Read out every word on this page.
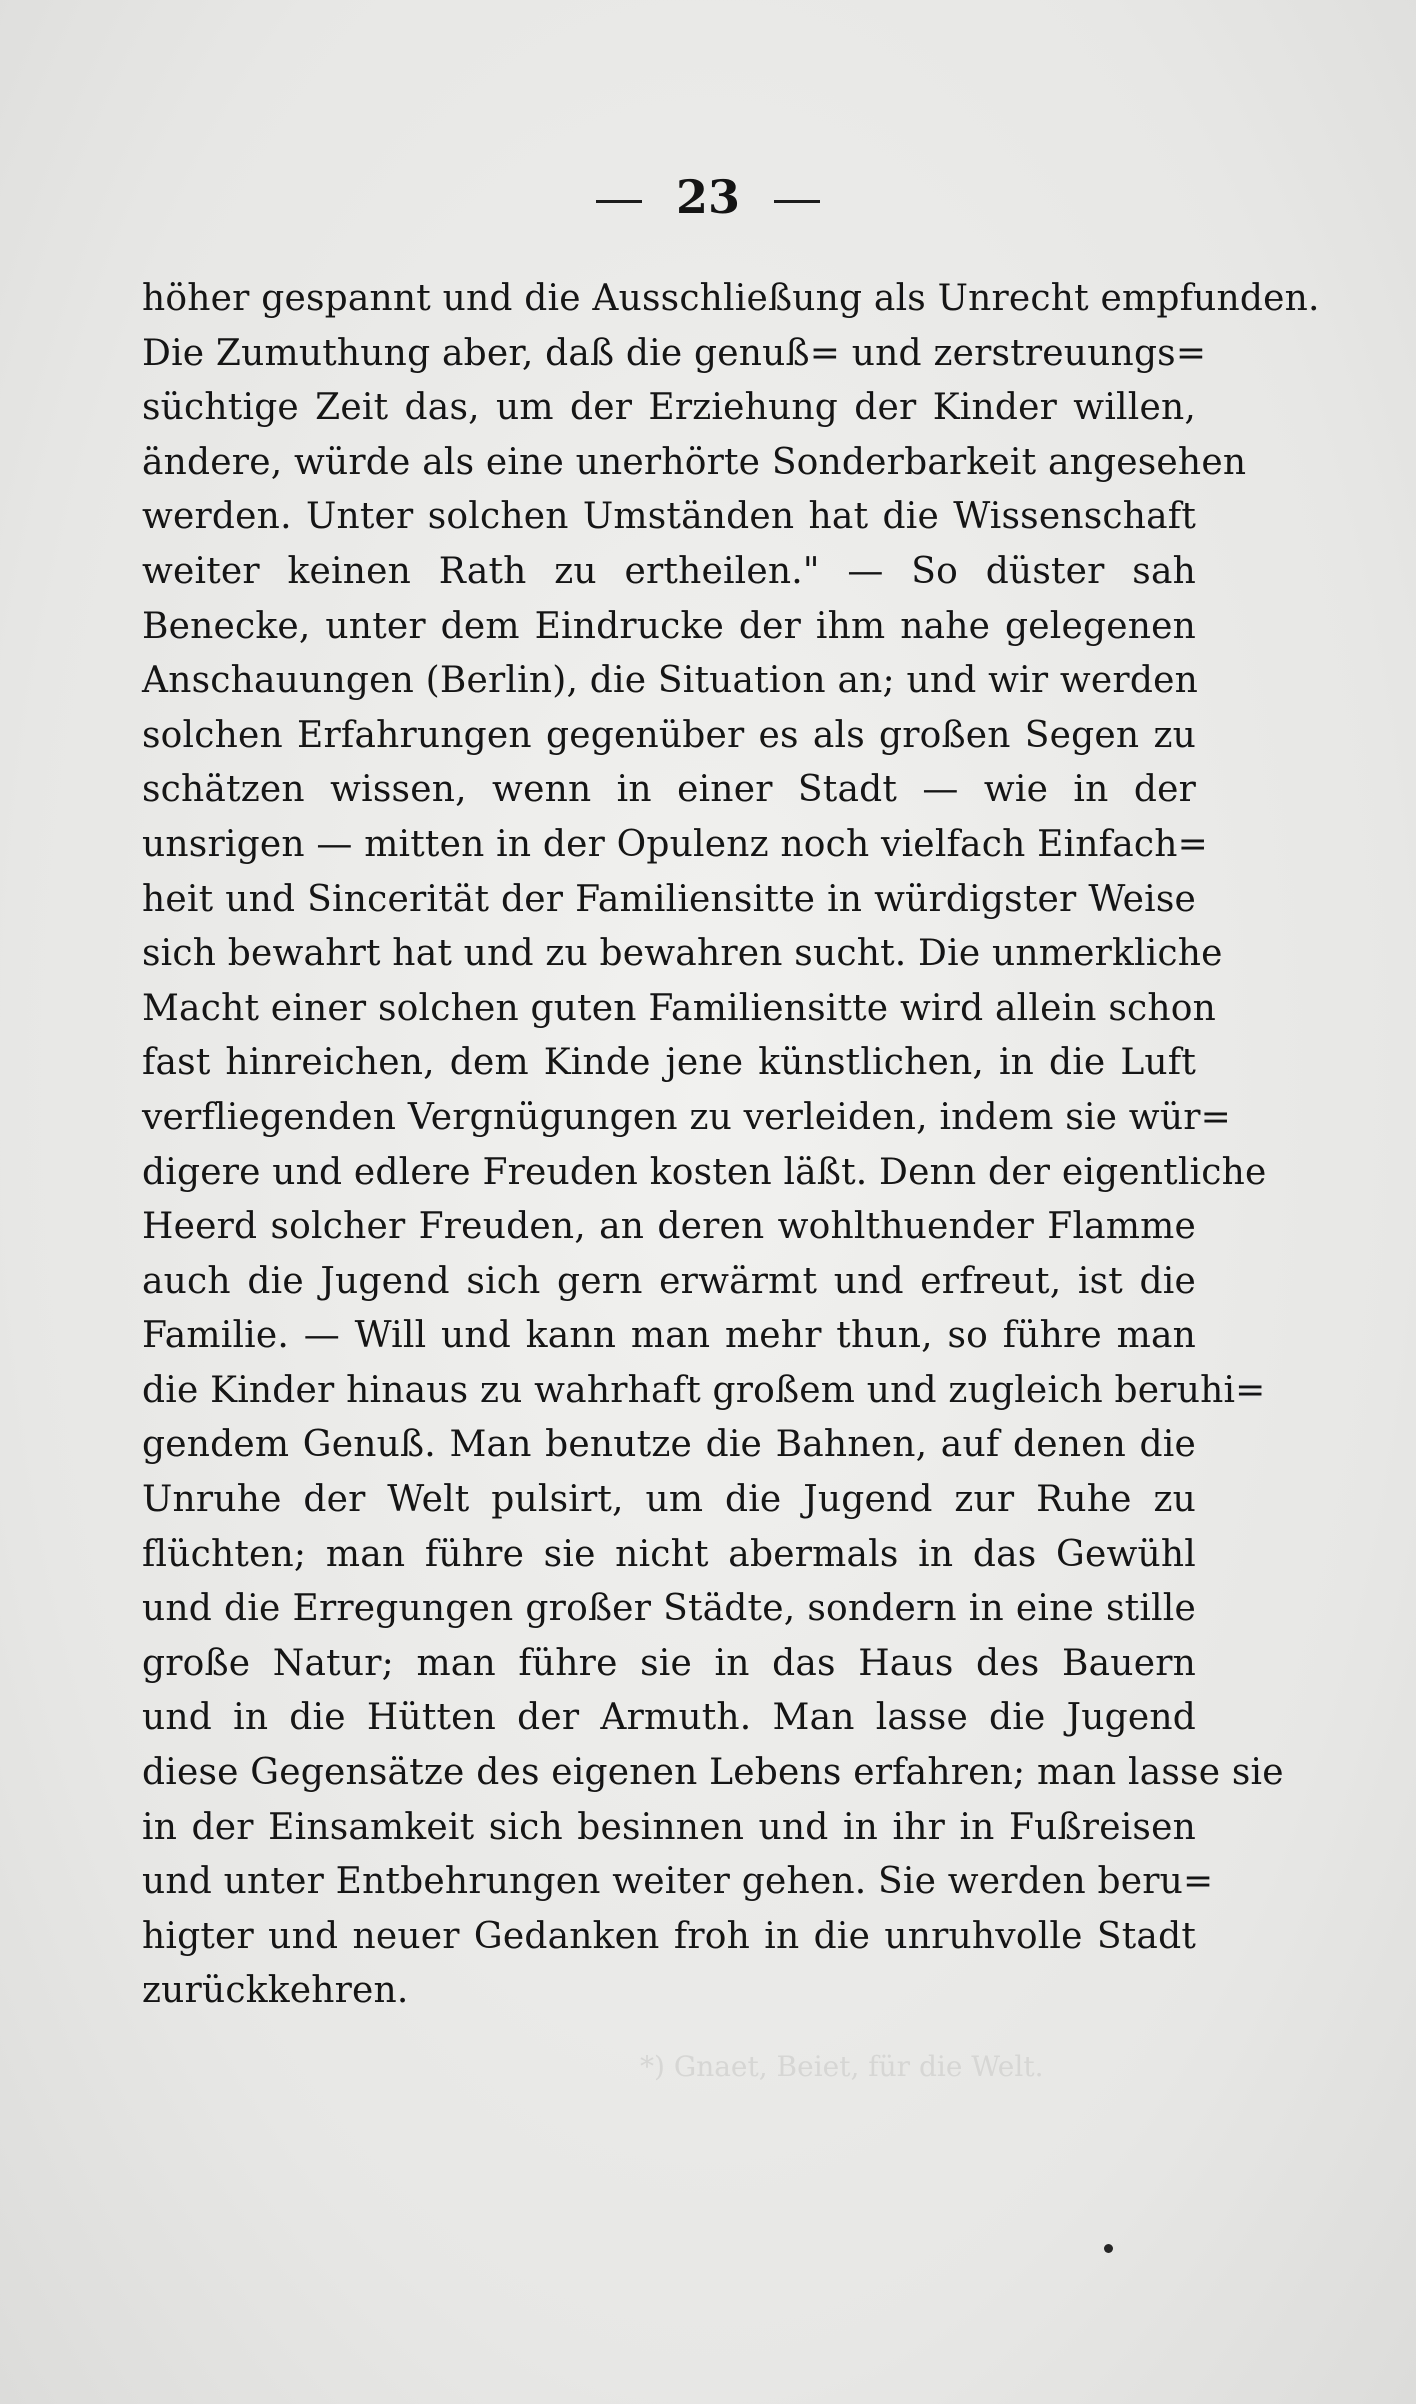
23
höher gespannt und die Ausschließung als Unrecht empfunden.
Die Zumuthung aber, daß die genuß= und zerstreuungs=
süchtige Zeit das, um der Erziehung der Kinder willen,
ändere, würde als eine unerhörte Sonderbarkeit angesehen
werden. Unter solchen Umständen hat die Wissenschaft
weiter keinen Rath zu ertheilen." — So düster sah
Benecke, unter dem Eindrucke der ihm nahe gelegenen
Anschauungen (Berlin), die Situation an; und wir werden
solchen Erfahrungen gegenüber es als großen Segen zu
schätzen wissen, wenn in einer Stadt — wie in der
unsrigen — mitten in der Opulenz noch vielfach Einfach=
heit und Sincerität der Familiensitte in würdigster Weise
sich bewahrt hat und zu bewahren sucht. Die unmerkliche
Macht einer solchen guten Familiensitte wird allein schon
fast hinreichen, dem Kinde jene künstlichen, in die Luft
verfliegenden Vergnügungen zu verleiden, indem sie wür=
digere und edlere Freuden kosten läßt. Denn der eigentliche
Heerd solcher Freuden, an deren wohlthuender Flamme
auch die Jugend sich gern erwärmt und erfreut, ist die
Familie. — Will und kann man mehr thun, so führe man
die Kinder hinaus zu wahrhaft großem und zugleich beruhi=
gendem Genuß. Man benutze die Bahnen, auf denen die
Unruhe der Welt pulsirt, um die Jugend zur Ruhe zu
flüchten; man führe sie nicht abermals in das Gewühl
und die Erregungen großer Städte, sondern in eine stille
große Natur; man führe sie in das Haus des Bauern
und in die Hütten der Armuth. Man lasse die Jugend
diese Gegensätze des eigenen Lebens erfahren; man lasse sie
in der Einsamkeit sich besinnen und in ihr in Fußreisen
und unter Entbehrungen weiter gehen. Sie werden beru=
higter und neuer Gedanken froh in die unruhvolle Stadt
zurückkehren.
*) Gnaet, Beiet, für die Welt.
